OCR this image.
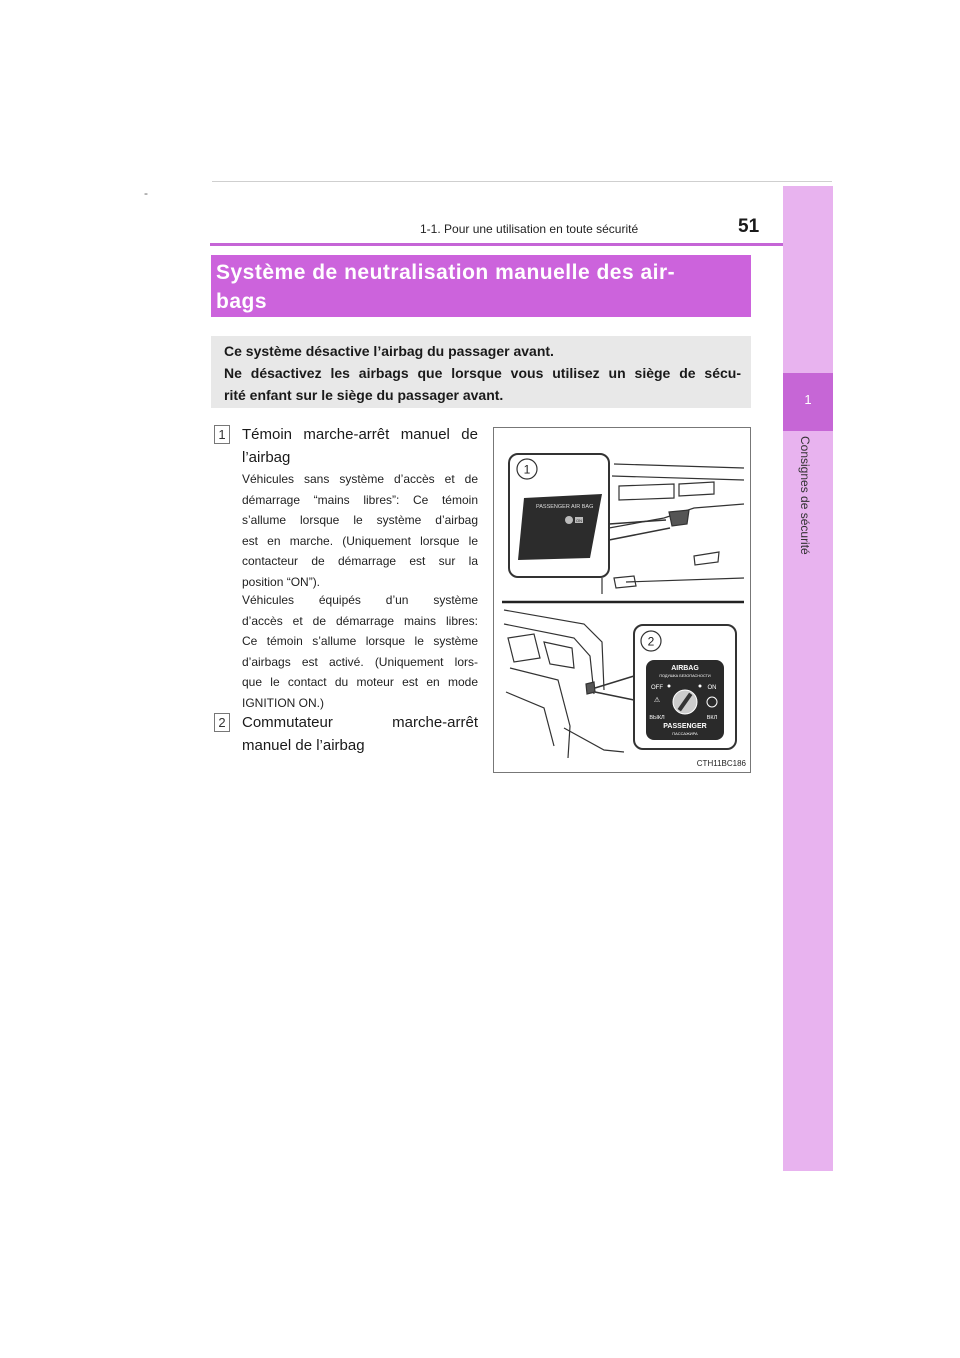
-
1-1. Pour une utilisation en toute sécurité	51
1
Consignes de sécurité
Système de neutralisation manuelle des air-
bags
Ce système désactive l’airbag du passager avant.
Ne désactivez les airbags que lorsque vous utilisez un siège de sécu-
rité enfant sur le siège du passager avant.
1 Témoin marche-arrêt manuel de
l’airbag
Véhicules sans système d’accès et de
démarrage “mains libres”: Ce témoin
s’allume lorsque le système d’airbag
est en marche. (Uniquement lorsque le
contacteur de démarrage est sur la
position “ON”).
Véhicules équipés d’un système
d’accès et de démarrage mains libres:
Ce témoin s’allume lorsque le système
d’airbags est activé. (Uniquement lors-
que le contact du moteur est en mode
IGNITION ON.)
2 Commutateur marche-arrêt
manuel de l’airbag
1
PASSENGER AIR BAG
ON
2
AIRBAG
ПОДУШКА БЕЗОПАСНОСТИ
OFF	ON
⚠
ВЫКЛ	ВКЛ
PASSENGER
ПАССАЖИРА
CTH11BC186
